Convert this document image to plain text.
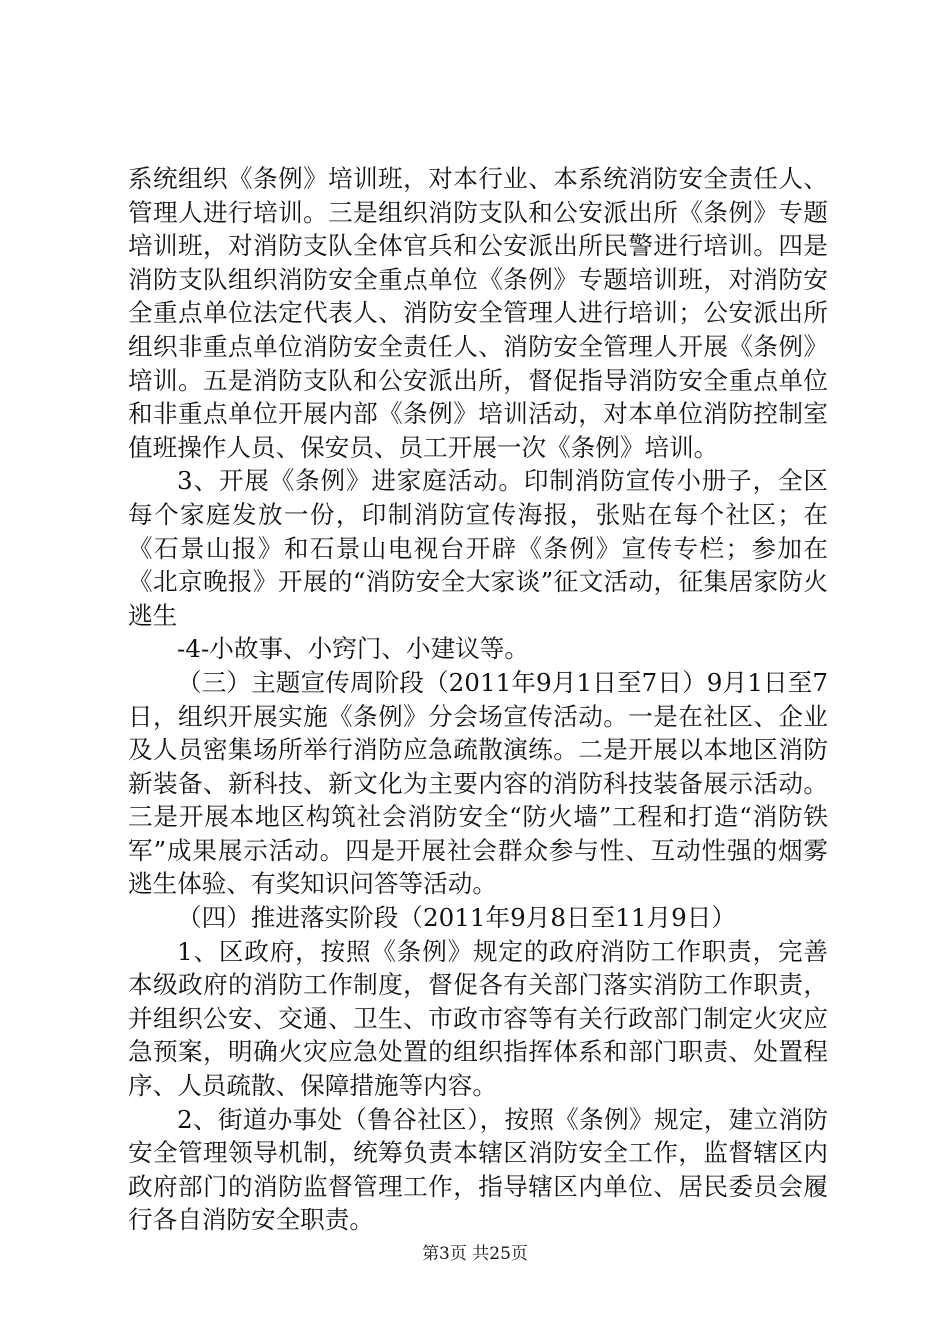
系统组织《条例》培训班，对本行业、本系统消防安全责任人、管理人进行培训。三是组织消防支队和公安派出所《条例》专题培训班，对消防支队全体官兵和公安派出所民警进行培训。四是消防支队组织消防安全重点单位《条例》专题培训班，对消防安全重点单位法定代表人、消防安全管理人进行培训；公安派出所组织非重点单位消防安全责任人、消防安全管理人开展《条例》培训。五是消防支队和公安派出所，督促指导消防安全重点单位和非重点单位开展内部《条例》培训活动，对本单位消防控制室值班操作人员、保安员、员工开展一次《条例》培训。

3、开展《条例》进家庭活动。印制消防宣传小册子，全区每个家庭发放一份，印制消防宣传海报，张贴在每个社区；在《石景山报》和石景山电视台开辟《条例》宣传专栏；参加在《北京晚报》开展的“消防安全大家谈”征文活动，征集居家防火逃生

-4-小故事、小窍门、小建议等。

（三）主题宣传周阶段（2011年9月1日至7日）9月1日至7日，组织开展实施《条例》分会场宣传活动。一是在社区、企业及人员密集场所举行消防应急疏散演练。二是开展以本地区消防新装备、新科技、新文化为主要内容的消防科技装备展示活动。三是开展本地区构筑社会消防安全“防火墙”工程和打造“消防铁军”成果展示活动。四是开展社会群众参与性、互动性强的烟雾逃生体验、有奖知识问答等活动。

（四）推进落实阶段（2011年9月8日至11月9日）

1、区政府，按照《条例》规定的政府消防工作职责，完善本级政府的消防工作制度，督促各有关部门落实消防工作职责，并组织公安、交通、卫生、市政市容等有关行政部门制定火灾应急预案，明确火灾应急处置的组织指挥体系和部门职责、处置程序、人员疏散、保障措施等内容。

2、街道办事处（鲁谷社区），按照《条例》规定，建立消防安全管理领导机制，统筹负责本辖区消防安全工作，监督辖区内政府部门的消防监督管理工作，指导辖区内单位、居民委员会履行各自消防安全职责。

第3页 共25页
